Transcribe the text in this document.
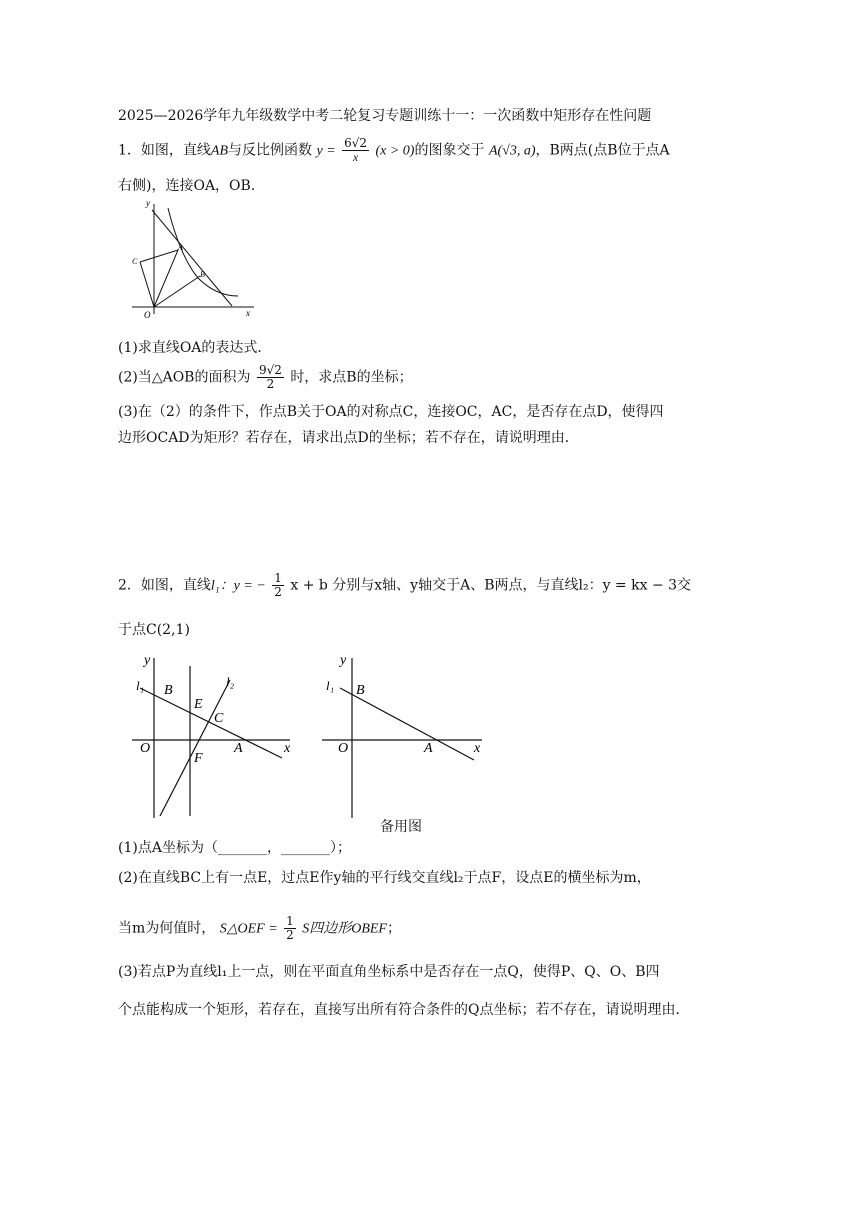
2025—2026学年九年级数学中考二轮复习专题训练十一：一次函数中矩形存在性问题
1．如图，直线AB与反比例函数 $y = \frac{6√2}{x} (x > 0)$的图象交于 A(√3, a)，B两点(点B位于点A
右侧)，连接OA，OB．
y
x
O
A
B
C
(1)求直线OA的表达式．
(2)当△AOB的面积为 $\frac{9√2}{2}$ 时，求点B的坐标；
(3)在（2）的条件下，作点B关于OA的对称点C，连接OC，AC，是否存在点D，使得四
边形OCAD为矩形？若存在，请求出点D的坐标；若不存在，请说明理由．
2．如图，直线l₁：y = − $\frac{1}{2}$ x + b 分别与x轴、y轴交于A、B两点，与直线l₂：y = kx − 3交
于点C(2,1)
y
x
O	A
B
C
E
F
l₁	l₂
y
x
O	A
B
l₁
备用图
(1)点A坐标为（_______，_______）；
(2)在直线BC上有一点E，过点E作y轴的平行线交直线l₂于点F，设点E的横坐标为m，
当m为何值时， S△OEF = $\frac{1}{2}$ S四边形OBEF；
(3)若点P为直线l₁上一点，则在平面直角坐标系中是否存在一点Q，使得P、Q、O、B四
个点能构成一个矩形，若存在，直接写出所有符合条件的Q点坐标；若不存在，请说明理由．
